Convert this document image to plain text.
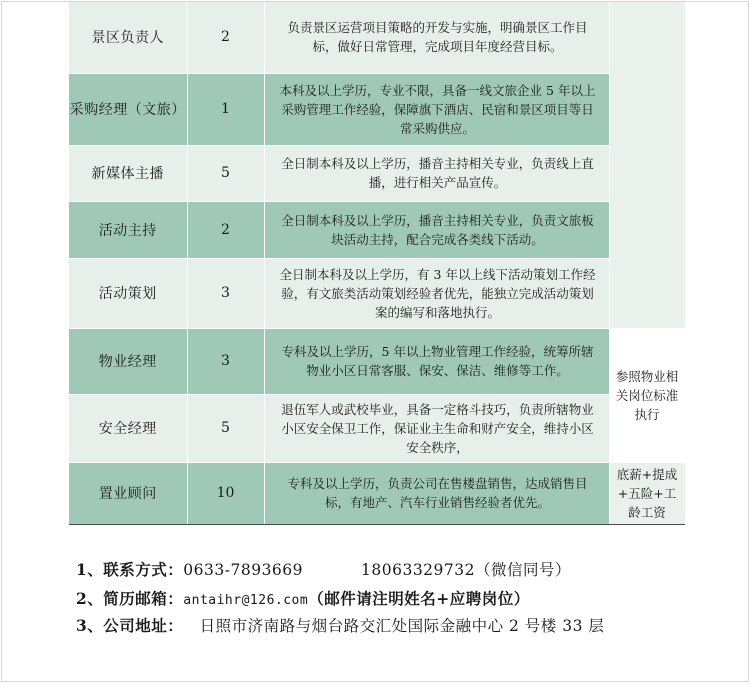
景区负责人	2	负责景区运营项目策略的开发与实施，明确景区工作目标，做好日常管理，完成项目年度经营目标。	
采购经理（文旅）	1	本科及以上学历，专业不限，具备一线文旅企业 5 年以上采购管理工作经验，保障旗下酒店、民宿和景区项目等日常采购供应。	
新媒体主播	5	全日制本科及以上学历，播音主持相关专业，负责线上直播，进行相关产品宣传。	
活动主持	2	全日制本科及以上学历，播音主持相关专业，负责文旅板块活动主持，配合完成各类线下活动。	
活动策划	3	全日制本科及以上学历，有 3 年以上线下活动策划工作经验，有文旅类活动策划经验者优先，能独立完成活动策划案的编写和落地执行。	
物业经理	3	专科及以上学历，5 年以上物业管理工作经验，统筹所辖物业小区日常客服、保安、保洁、维修等工作。	参照物业相关岗位标准执行
安全经理	5	退伍军人或武校毕业，具备一定格斗技巧，负责所辖物业小区安全保卫工作，保证业主生命和财产安全，维持小区安全秩序，	
置业顾问	10	专科及以上学历，负责公司在售楼盘销售，达成销售目标，有地产、汽车行业销售经验者优先。	底薪+提成+五险+工龄工资
1、联系方式：0633-7893669	18063329732（微信同号）
2、简历邮箱：antaihr@126.com（邮件请注明姓名+应聘岗位）
3、公司地址： 日照市济南路与烟台路交汇处国际金融中心 2 号楼 33 层
